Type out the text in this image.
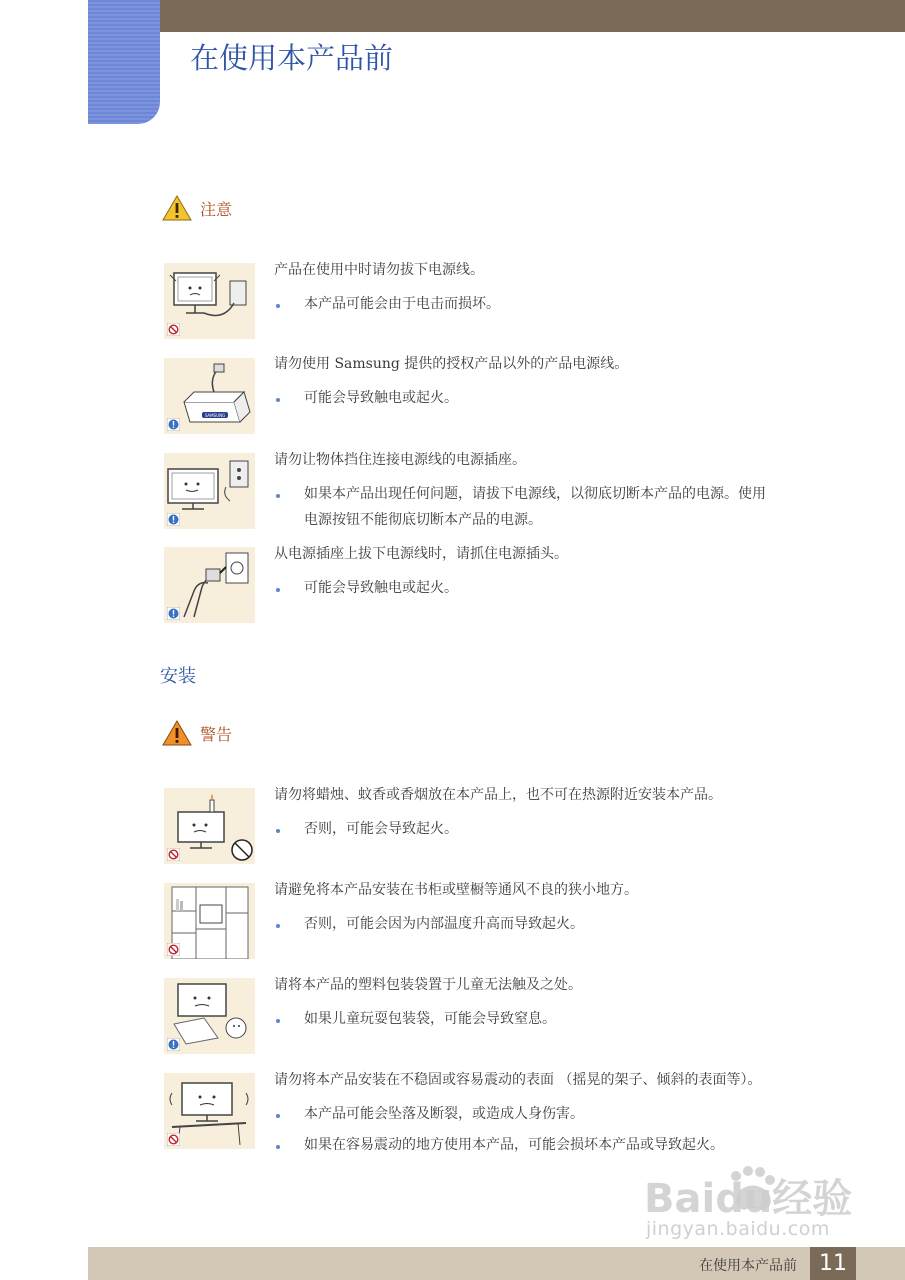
在使用本产品前
注意
SAMSUNG

产品在使用中时请勿拔下电源线。

本产品可能会由于电击而损坏。

请勿使用 Samsung 提供的授权产品以外的产品电源线。

可能会导致触电或起火。

请勿让物体挡住连接电源线的电源插座。

如果本产品出现任何问题，请拔下电源线，以彻底切断本产品的电源。使用电源按钮不能彻底切断本产品的电源。

从电源插座上拔下电源线时，请抓住电源插头。

可能会导致触电或起火。
安装
警告

请勿将蜡烛、蚊香或香烟放在本产品上，也不可在热源附近安装本产品。

否则，可能会导致起火。

请避免将本产品安装在书柜或壁橱等通风不良的狭小地方。

否则，可能会因为内部温度升高而导致起火。

请将本产品的塑料包装袋置于儿童无法触及之处。

如果儿童玩耍包装袋，可能会导致窒息。

请勿将本产品安装在不稳固或容易震动的表面 （摇晃的架子、倾斜的表面等）。

本产品可能会坠落及断裂，或造成人身伤害。
如果在容易震动的地方使用本产品，可能会损坏本产品或导致起火。
Baidu经验
jingyan.baidu.com
在使用本产品前	11
